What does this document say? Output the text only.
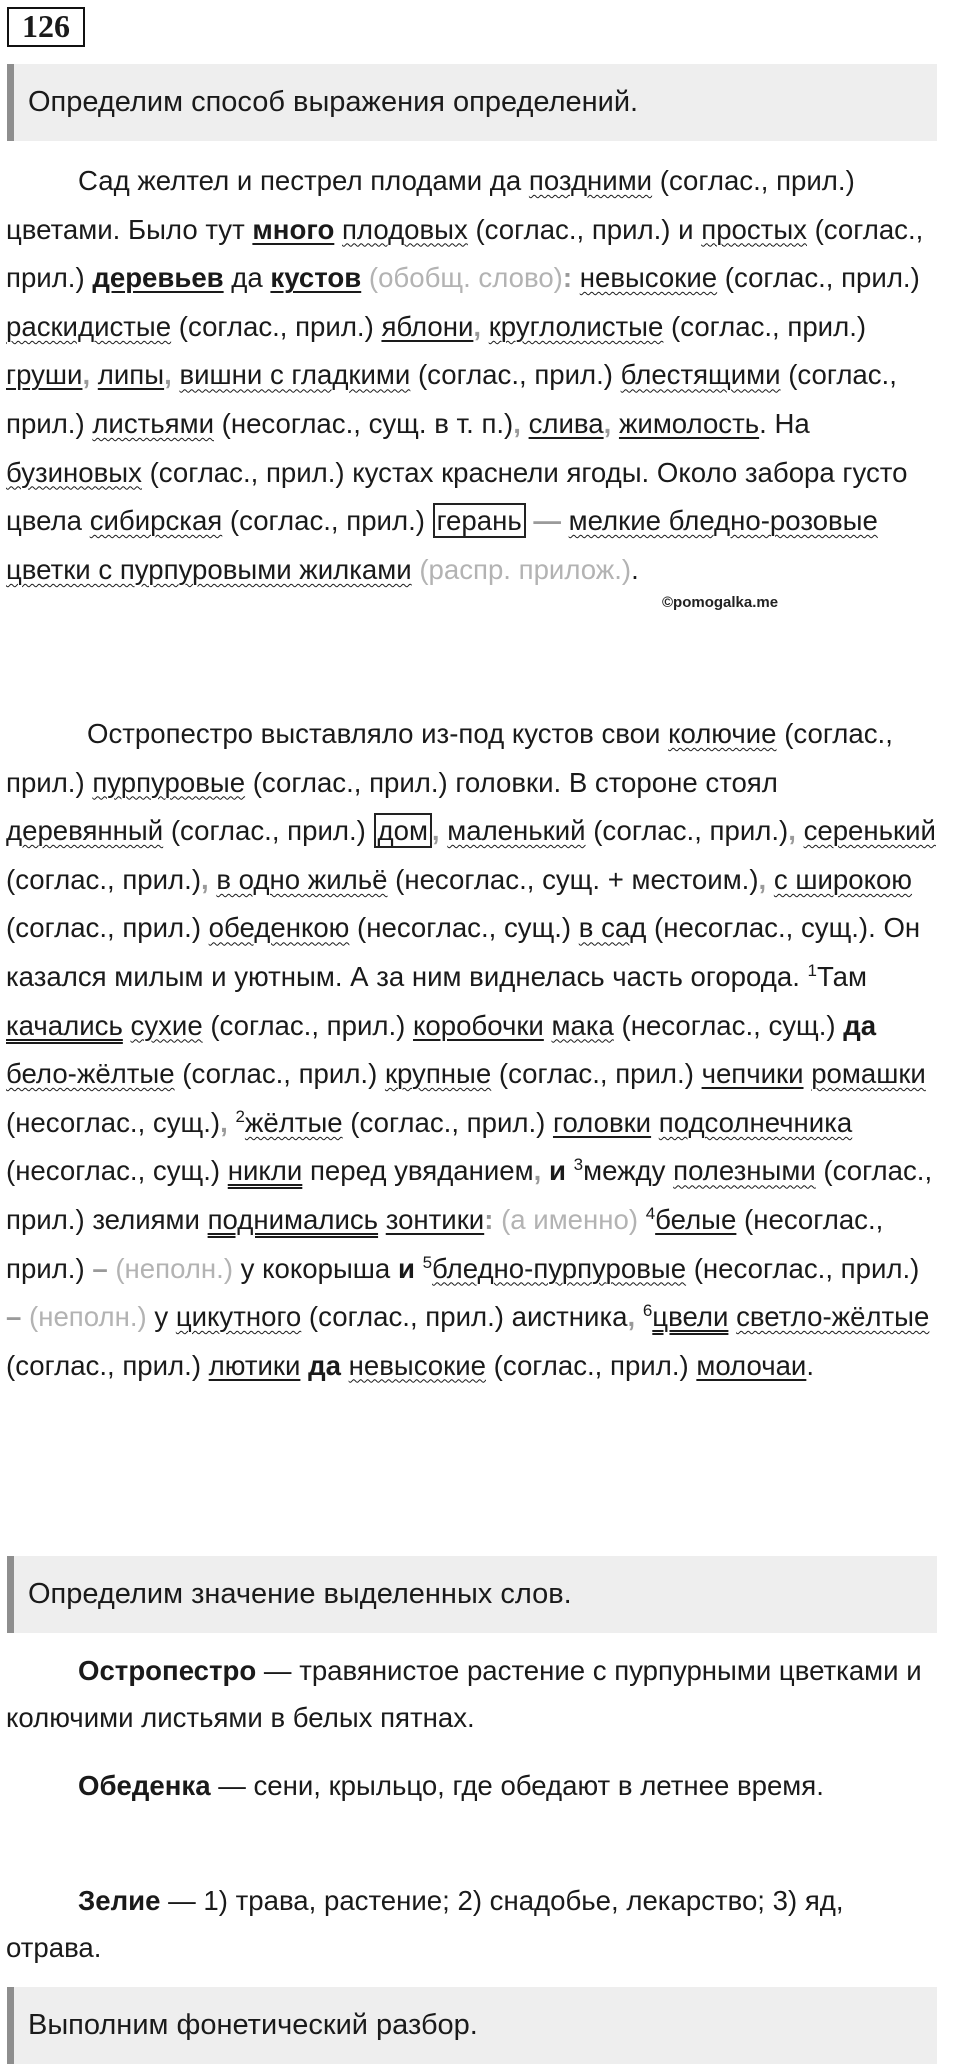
126
Определим способ выражения определений.

Сад желтел и пестрел плодами да поздними (соглас., прил.) цветами. Было тут много плодовых (соглас., прил.) и простых (соглас., прил.) деревьев да кустов (обобщ. слово): невысокие (соглас., прил.) раскидистые (соглас., прил.) яблони, круглолистые (соглас., прил.) груши, липы, вишни с гладкими (соглас., прил.) блестящими (соглас., прил.) листьями (несоглас., сущ. в т. п.), слива, жимолость. На бузиновых (соглас., прил.) кустах краснели ягоды. Около забора густо цвела сибирская (соглас., прил.) герань — мелкие бледно-розовые цветки с пурпуровыми жилками (распр. прилож.).

©pomogalka.me

Остропестро выставляло из-под кустов свои колючие (соглас., прил.) пурпуровые (соглас., прил.) головки. В стороне стоял деревянный (соглас., прил.) дом , маленький (соглас., прил.), серенький (соглас., прил.), в одно жильё (несоглас., сущ. + местоим.), с широкою (соглас., прил.) обеденкою (несоглас., сущ.) в сад (несоглас., сущ.). Он казался милым и уютным. А за ним виднелась часть огорода. $^1$Там качались сухие (соглас., прил.) коробочки мака (несоглас., сущ.) да бело-жёлтые (соглас., прил.) крупные (соглас., прил.) чепчики ромашки (несоглас., сущ.), $^2$жёлтые (соглас., прил.) головки подсолнечника (несоглас., сущ.) никли перед увяданием, и $^3$между полезными (соглас., прил.) зелиями поднимались зонтики: (а именно) $^4$белые (несоглас., прил.) – (неполн.) у кокорыша и $^5$бледно-пурпуровые (несоглас., прил.) – (неполн.) у цикутного (соглас., прил.) аистника, $^6$цвели светло-жёлтые (соглас., прил.) лютики да невысокие (соглас., прил.) молочаи.

Определим значение выделенных слов.

Остропестро — травянистое растение с пурпурными цветками и колючими листьями в белых пятнах.

Обеденка — сени, крыльцо, где обедают в летнее время.

Зелие — 1) трава, растение; 2) снадобье, лекарство; 3) яд, отрава.

Выполним фонетический разбор.
